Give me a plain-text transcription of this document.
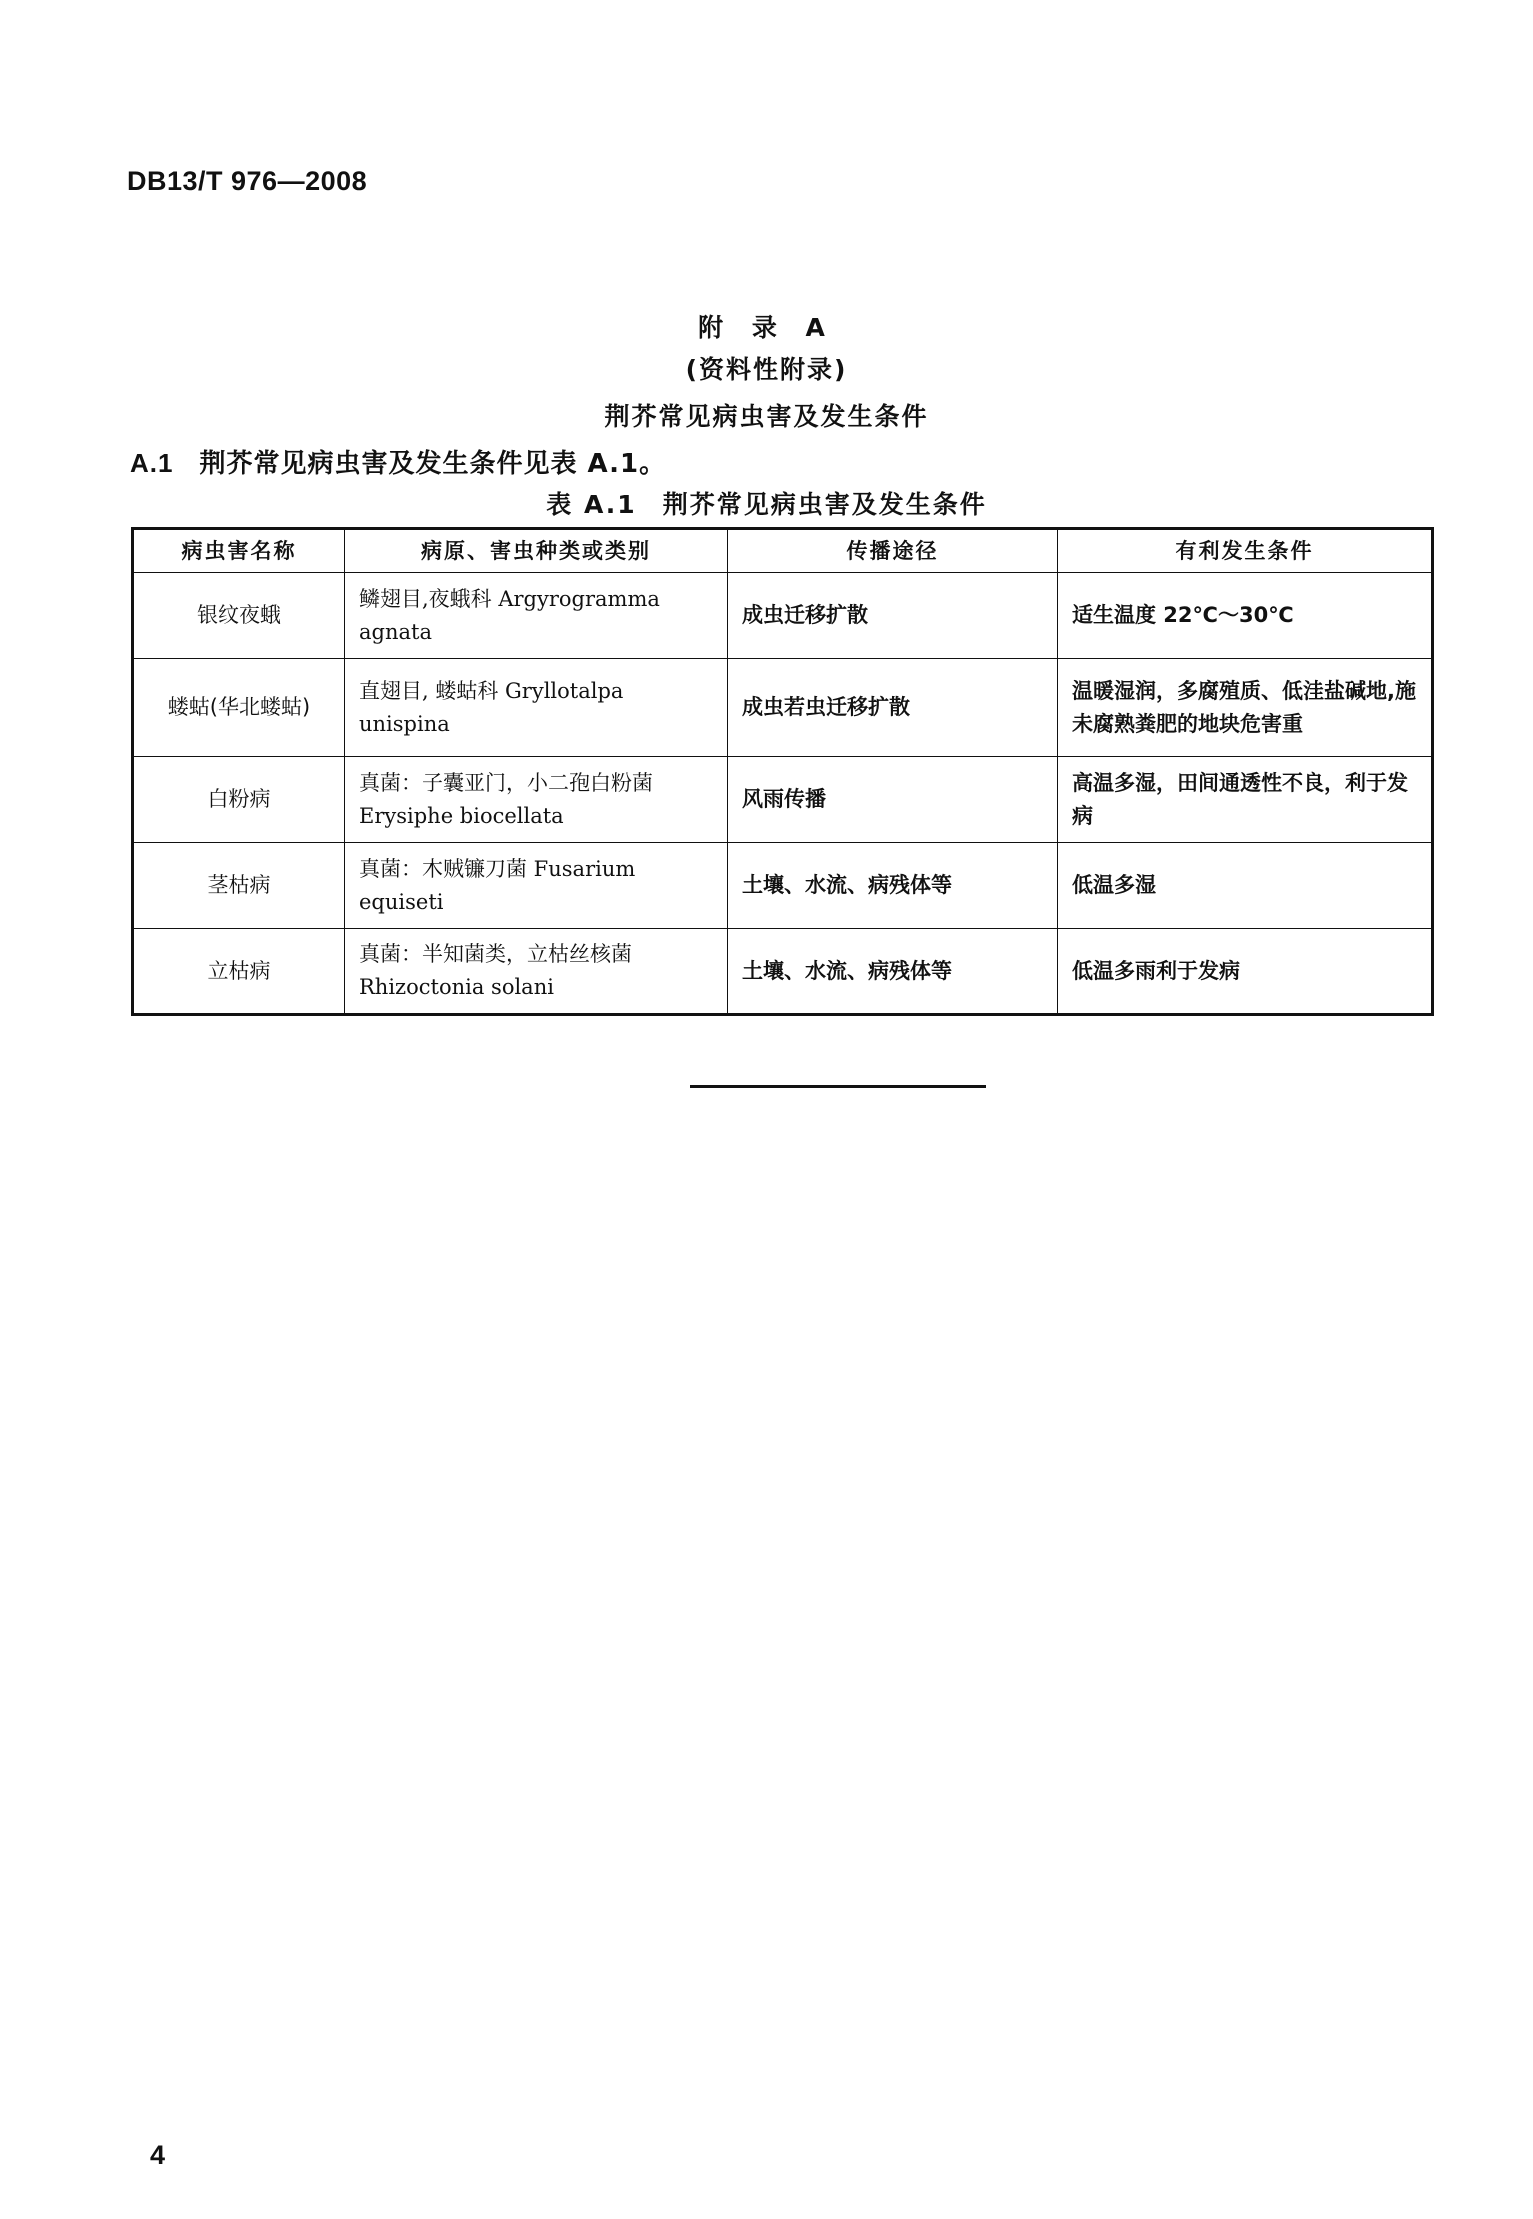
DB13/T 976—2008
附 录 A
(资料性附录)
荆芥常见病虫害及发生条件
A.1 荆芥常见病虫害及发生条件见表 A.1。
表 A.1 荆芥常见病虫害及发生条件
病虫害名称	病原、害虫种类或类别	传播途径	有利发生条件
银纹夜蛾	鳞翅目,夜蛾科 Argyrogramma agnata	成虫迁移扩散	适生温度 22℃～30℃
蝼蛄(华北蝼蛄)	直翅目, 蝼蛄科 Gryllotalpa unispina	成虫若虫迁移扩散	温暖湿润，多腐殖质、低洼盐碱地,施未腐熟粪肥的地块危害重
白粉病	真菌：子囊亚门，小二孢白粉菌 Erysiphe biocellata	风雨传播	高温多湿，田间通透性不良，利于发病
茎枯病	真菌：木贼镰刀菌 Fusarium equiseti	土壤、水流、病残体等	低温多湿
立枯病	真菌：半知菌类，立枯丝核菌 Rhizoctonia solani	土壤、水流、病残体等	低温多雨利于发病
4
